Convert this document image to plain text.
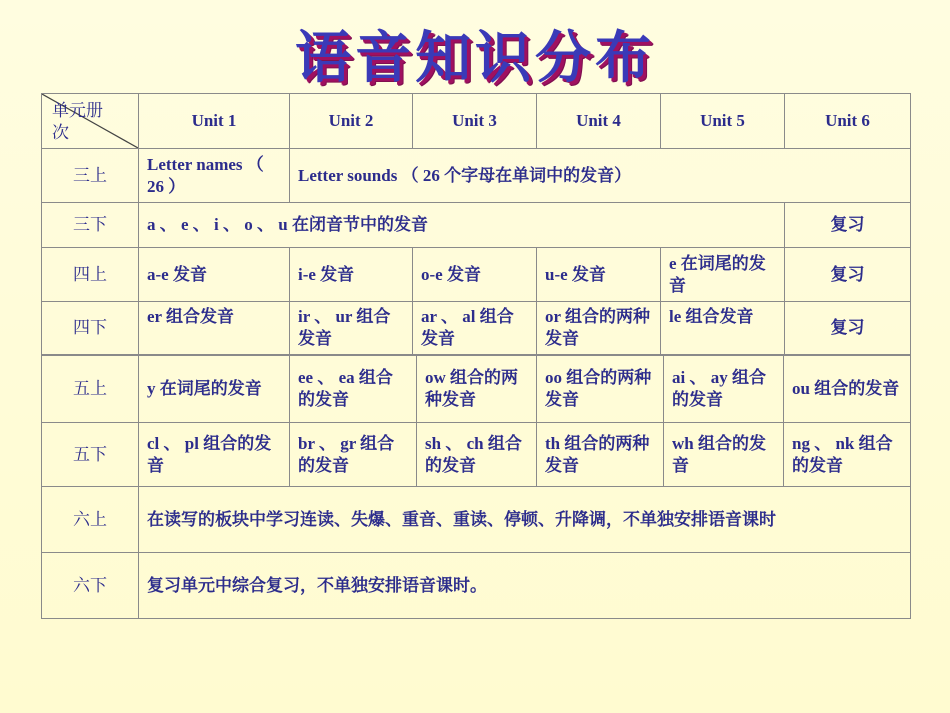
语音知识分布
单元册
次	Unit 1	Unit 2	Unit 3	Unit 4	Unit 5	Unit 6
三上	Letter names （ 26 ）	Letter sounds （ 26 个字母在单词中的发音）				
三下	a 、 e 、 i 、 o 、 u 在闭音节中的发音					复习
四上	a-e 发音	i-e 发音	o-e 发音	u-e 发音	e 在词尾的发音	复习
四下	er 组合发音	ir 、 ur 组合发音	ar 、 al 组合发音	or 组合的两种发音	le 组合发音	复习
五上	y 在词尾的发音	ee 、 ea 组合的发音	ow 组合的两种发音	oo 组合的两种发音	ai 、 ay 组合的发音	ou 组合的发音
五下	cl 、 pl 组合的发音	br 、 gr 组合的发音	sh 、 ch 组合的发音	th 组合的两种发音	wh 组合的发音	ng 、 nk 组合的发音
六上	在读写的板块中学习连读、失爆、重音、重读、停顿、升降调，不单独安排语音课时					
六下	复习单元中综合复习，不单独安排语音课时。					
